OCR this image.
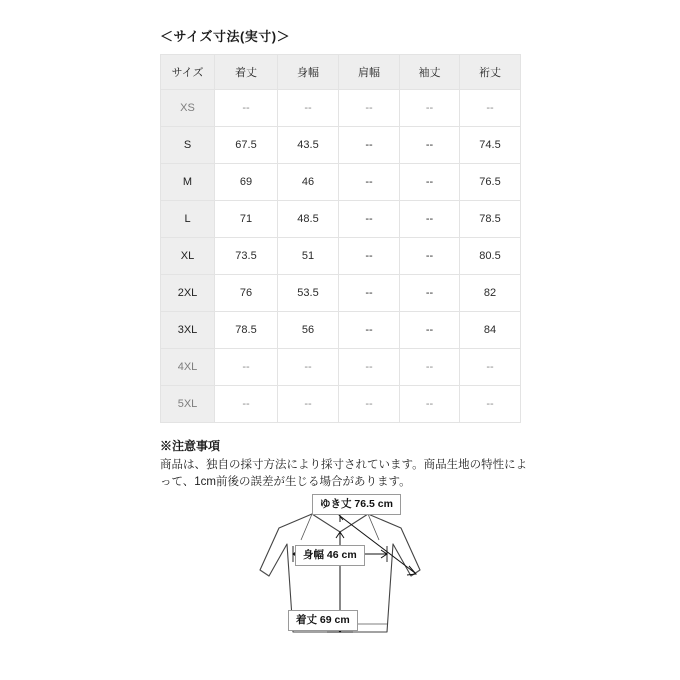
＜サイズ寸法(実寸)＞
サイズ	着丈	身幅	肩幅	袖丈	裄丈
XS	--	--	--	--	--
S	67.5	43.5	--	--	74.5
M	69	46	--	--	76.5
L	71	48.5	--	--	78.5
XL	73.5	51	--	--	80.5
2XL	76	53.5	--	--	82
3XL	78.5	56	--	--	84
4XL	--	--	--	--	--
5XL	--	--	--	--	--
※注意事項
商品は、独自の採寸方法により採寸されています。商品生地の特性によって、1cm前後の誤差が生じる場合があります。
ゆき丈 76.5 cm
身幅 46 cm
着丈 69 cm
